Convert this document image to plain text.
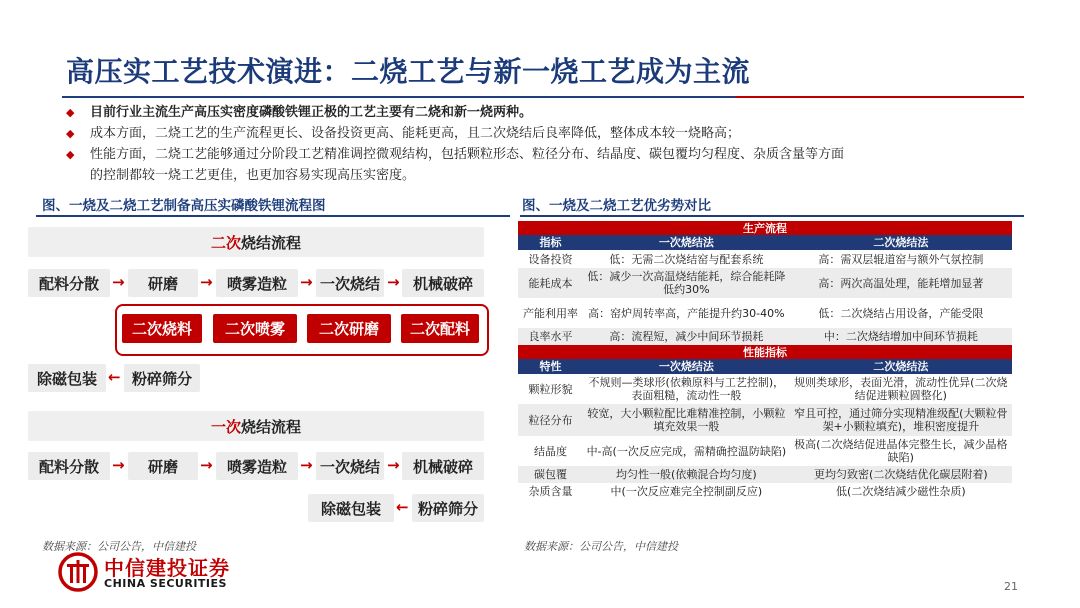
高压实工艺技术演进：二烧工艺与新一烧工艺成为主流
◆	目前行业主流生产高压实密度磷酸铁锂正极的工艺主要有二烧和新一烧两种。
◆	成本方面，二烧工艺的生产流程更长、设备投资更高、能耗更高，且二次烧结后良率降低，整体成本较一烧略高；
◆	性能方面，二烧工艺能够通过分阶段工艺精准调控微观结构，包括颗粒形态、粒径分布、结晶度、碳包覆均匀程度、杂质含量等方面
的控制都较一烧工艺更佳，也更加容易实现高压实密度。
图、一烧及二烧工艺制备高压实磷酸铁锂流程图	图、一烧及二烧工艺优劣势对比
二次 烧结流程
配料分散 →	研磨	→ 喷雾造粒 → 一次烧结 → 机械破碎
二次烧料	二次喷雾	二次研磨	二次配料
除磁包装 ← 粉碎筛分
一次 烧结流程
配料分散 →	研磨	→ 喷雾造粒 → 一次烧结 → 机械破碎
除磁包装	← 粉碎筛分
数据来源：公司公告，中信建投
生产流程		
指标	一次烧结法	二次烧结法
设备投资	低：无需二次烧结窑与配套系统	高：需双层辊道窑与额外气氛控制
能耗成本	低：减少一次高温烧结能耗，综合能耗降低约30%	高：两次高温处理，能耗增加显著
产能利用率	高：窑炉周转率高，产能提升约30-40%	低：二次烧结占用设备，产能受限
良率水平	高：流程短，减少中间环节损耗	中：二次烧结增加中间环节损耗
性能指标		
特性	一次烧结法	二次烧结法
颗粒形貌	不规则—类球形(依赖原料与工艺控制)，表面粗糙，流动性一般	规则类球形，表面光滑，流动性优异(二次烧结促进颗粒圆整化)
粒径分布	较宽，大小颗粒配比难精准控制，小颗粒填充效果一般	窄且可控，通过筛分实现精准级配(大颗粒骨架+小颗粒填充)，堆积密度提升
结晶度	中-高(一次反应完成，需精确控温防缺陷)	极高(二次烧结促进晶体完整生长，减少晶格缺陷)
碳包覆	均匀性一般(依赖混合均匀度)	更均匀致密(二次烧结优化碳层附着)
杂质含量	中(一次反应难完全控制副反应)	低(二次烧结减少磁性杂质)
数据来源：公司公告，中信建投
中信建投证券
CHINA SECURITIES	21
